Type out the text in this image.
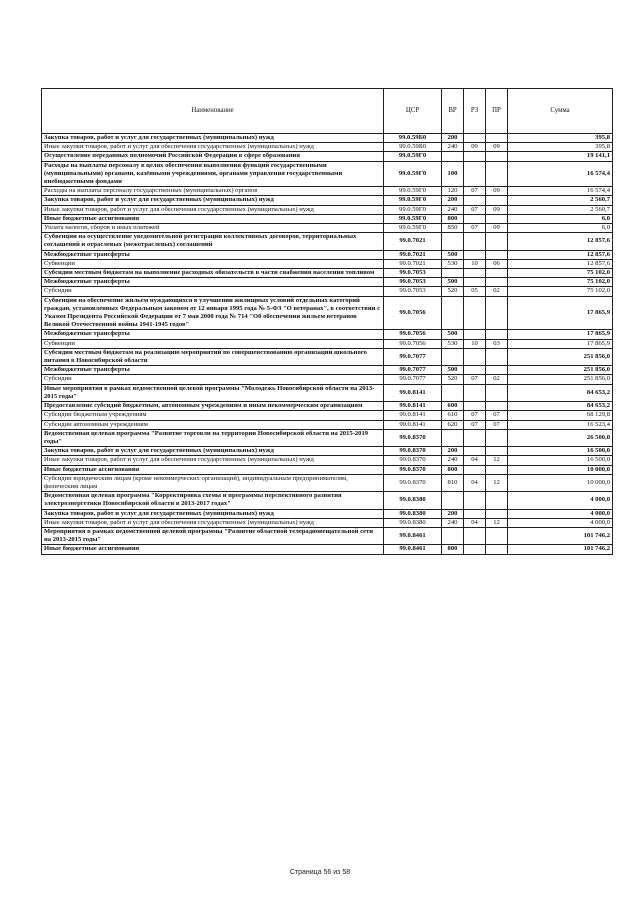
Наименование	ЦСР	ВР	РЗ	ПР	Сумма
Закупка товаров, работ и услуг для государственных (муниципальных) нужд	99.0.59Б0	200			395,8
Иные закупки товаров, работ и услуг для обеспечения государственных (муниципальных) нужд	99.0.59Б0	240	09	09	395,8
Осуществление переданных полномочий Российской Федерации в сфере образования	99.0.59Г0				19 141,1
Расходы на выплаты персоналу в целях обеспечения выполнения функций государственными (муниципальными) органами, казёнными учреждениями, органами управления государственными внебюджетными фондами	99.0.59Г0	100			16 574,4
Расходы на выплаты персоналу государственных (муниципальных) органов	99.0.59Г0	120	07	09	16 574,4
Закупка товаров, работ и услуг для государственных (муниципальных) нужд	99.0.59Г0	200			2 560,7
Иные закупки товаров, работ и услуг для обеспечения государственных (муниципальных) нужд	99.0.59Г0	240	07	09	2 560,7
Иные бюджетные ассигнования	99.0.59Г0	800			6,0
Уплата налогов, сборов и иных платежей	99.0.59Г0	850	07	09	6,0
Субвенции на осуществление уведомительной регистрации коллективных договоров, территориальных соглашений и отраслевых (межотраслевых) соглашений	99.0.7021				12 857,6
Межбюджетные трансферты	99.0.7021	500			12 857,6
Субвенции	99.0.7021	530	10	06	12 857,6
Субсидии местным бюджетам на выполнение расходных обязательств в части снабжения населения топливом	99.0.7053				75 102,0
Межбюджетные трансферты	99.0.7053	500			75 102,0
Субсидии	99.0.7053	520	05	02	75 102,0
Субвенции на обеспечение жильем нуждающихся в улучшении жилищных условий отдельных категорий граждан, установленных Федеральным законом от 12 января 1995 года № 5-ФЗ "О ветеранах", в соответствии с Указом Президента Российской Федерации от 7 мая 2008 года № 714 "Об обеспечении жильем ветеранов Великой Отечественной войны 1941-1945 годов"	99.0.7056				17 865,9
Межбюджетные трансферты	99.0.7056	500			17 865,9
Субвенции	99.0.7056	530	10	03	17 865,9
Субсидии местным бюджетам на реализацию мероприятий по совершенствованию организации школьного питания в Новосибирской области	99.0.7077				251 856,0
Межбюджетные трансферты	99.0.7077	500			251 856,0
Субсидии	99.0.7077	520	07	02	251 856,0
Иные мероприятия в рамках ведомственной целевой программы "Молодежь Новосибирской области на 2013-2015 годы"	99.0.8141				84 653,2
Предоставление субсидий бюджетным, автономным учреждениям и иным некоммерческим организациям	99.0.8141	600			84 653,2
Субсидии бюджетным учреждениям	99.0.8141	610	07	07	68 129,8
Субсидии автономным учреждениям	99.0.8141	620	07	07	16 523,4
Ведомственная целевая программа "Развитие торговли на территории Новосибирской области на 2015-2019 годы"	99.0.8370				26 500,0
Закупка товаров, работ и услуг для государственных (муниципальных) нужд	99.0.8370	200			16 500,0
Иные закупки товаров, работ и услуг для обеспечения государственных (муниципальных) нужд	99.0.8370	240	04	12	16 500,0
Иные бюджетные ассигнования	99.0.8370	800			10 000,0
Субсидии юридическим лицам (кроме некоммерческих организаций), индивидуальным предпринимателям, физическим лицам	99.0.8370	810	04	12	10 000,0
Ведомственная целевая программа "Корректировка схемы и программы перспективного развития электроэнергетики Новосибирской области в 2013-2017 годах"	99.0.8380				4 000,0
Закупка товаров, работ и услуг для государственных (муниципальных) нужд	99.0.8380	200			4 000,0
Иные закупки товаров, работ и услуг для обеспечения государственных (муниципальных) нужд	99.0.8380	240	04	12	4 000,0
Мероприятия в рамках ведомственной целевой программы "Развитие областной телерадиовещательной сети на 2013-2015 годы"	99.0.8461				101 746,2
Иные бюджетные ассигнования	99.0.8461	800			101 746,2
Страница 56 из 58
